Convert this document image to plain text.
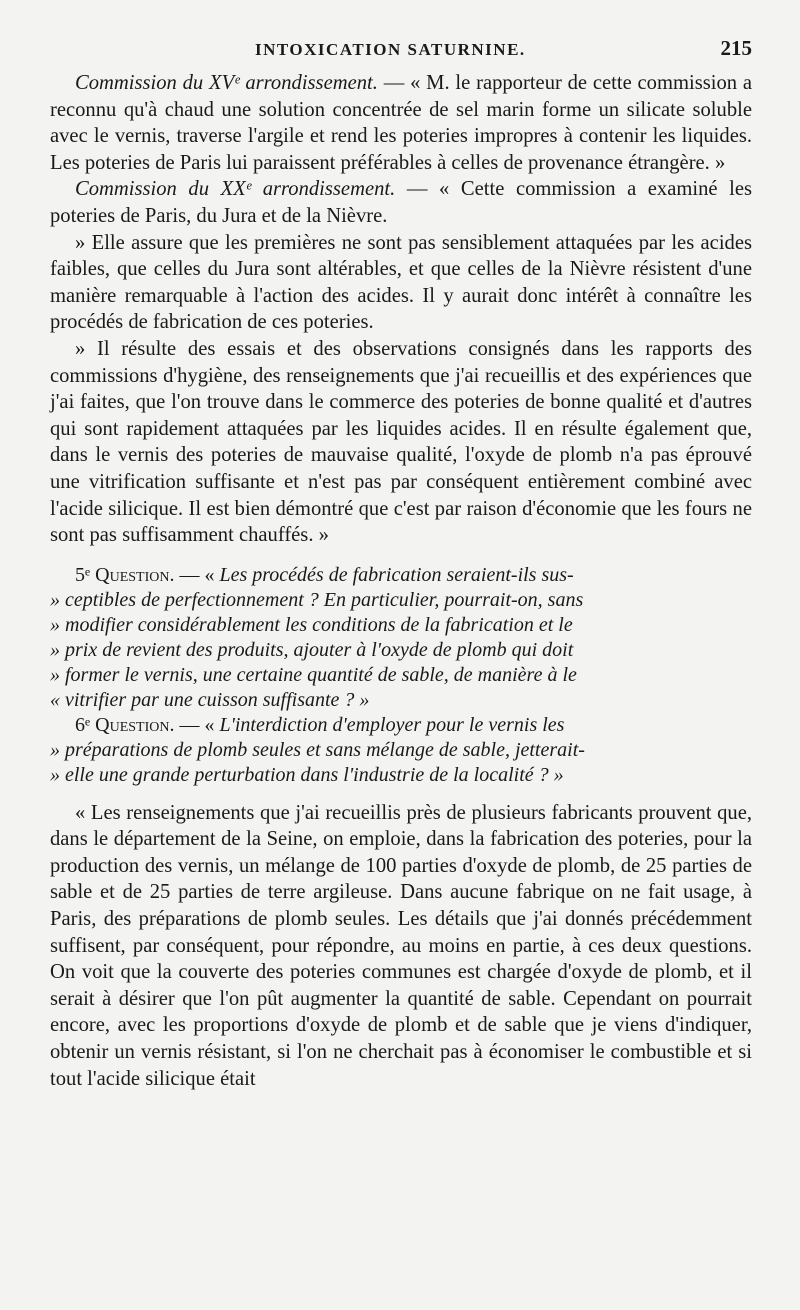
INTOXICATION SATURNINE.	215

Commission du XVᵉ arrondissement. — « M. le rapporteur de cette commission a reconnu qu'à chaud une solution concentrée de sel marin forme un silicate soluble avec le vernis, traverse l'argile et rend les poteries impropres à contenir les liquides. Les poteries de Paris lui paraissent préférables à celles de provenance étrangère. »

Commission du XXᵉ arrondissement. — « Cette commission a examiné les poteries de Paris, du Jura et de la Nièvre.

» Elle assure que les premières ne sont pas sensiblement attaquées par les acides faibles, que celles du Jura sont altérables, et que celles de la Nièvre résistent d'une manière remarquable à l'action des acides. Il y aurait donc intérêt à connaître les procédés de fabrication de ces poteries.

» Il résulte des essais et des observations consignés dans les rapports des commissions d'hygiène, des renseignements que j'ai recueillis et des expériences que j'ai faites, que l'on trouve dans le commerce des poteries de bonne qualité et d'autres qui sont rapidement attaquées par les liquides acides. Il en résulte également que, dans le vernis des poteries de mauvaise qualité, l'oxyde de plomb n'a pas éprouvé une vitrification suffisante et n'est pas par conséquent entièrement combiné avec l'acide silicique. Il est bien démontré que c'est par raison d'économie que les fours ne sont pas suffisamment chauffés. »

5ᵉ Question. — « Les procédés de fabrication seraient-ils sus-
» ceptibles de perfectionnement ? En particulier, pourrait-on, sans
» modifier considérablement les conditions de la fabrication et le
» prix de revient des produits, ajouter à l'oxyde de plomb qui doit
» former le vernis, une certaine quantité de sable, de manière à le
« vitrifier par une cuisson suffisante ? »
6ᵉ Question. — « L'interdiction d'employer pour le vernis les
» préparations de plomb seules et sans mélange de sable, jetterait-
» elle une grande perturbation dans l'industrie de la localité ? »

« Les renseignements que j'ai recueillis près de plusieurs fabricants prouvent que, dans le département de la Seine, on emploie, dans la fabrication des poteries, pour la production des vernis, un mélange de 100 parties d'oxyde de plomb, de 25 parties de sable et de 25 parties de terre argileuse. Dans aucune fabrique on ne fait usage, à Paris, des préparations de plomb seules. Les détails que j'ai donnés précédemment suffisent, par conséquent, pour répondre, au moins en partie, à ces deux questions. On voit que la couverte des poteries communes est chargée d'oxyde de plomb, et il serait à désirer que l'on pût augmenter la quantité de sable. Cependant on pourrait encore, avec les proportions d'oxyde de plomb et de sable que je viens d'indiquer, obtenir un vernis résistant, si l'on ne cherchait pas à économiser le combustible et si tout l'acide silicique était
